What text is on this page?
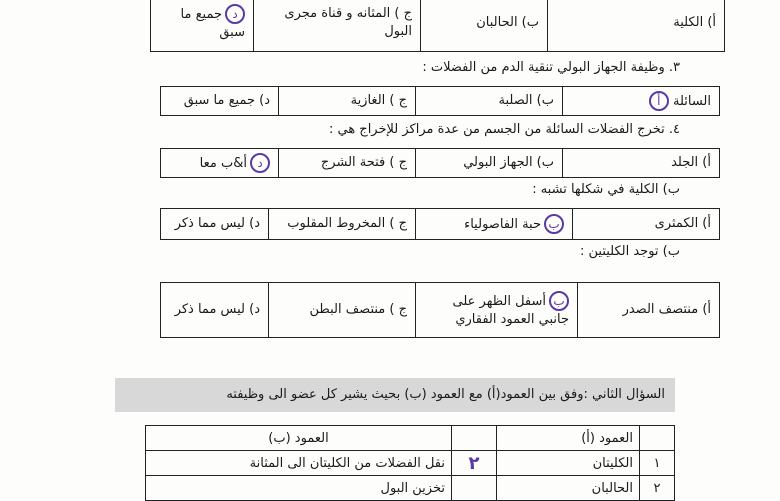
أ) الكلية	ب) الحالبان	ج ) المثانه و قناة مجرى البول	دجميع ما سبق
٣. وظيفة الجهاز البولي تنقية الدم من الفضلات :
السائلة أ	ب) الصلبة	ج ) الغازية	د) جميع ما سبق
٤. تخرج الفضلات السائلة من الجسم من عدة مراكز للإخراج هي :
أ) الجلد	ب) الجهاز البولي	ج ) فتحة الشرج	دأ&ب معا
ب) الكلية في شكلها تشبه :
أ) الكمثرى	بحبة الفاصولياء	ج ) المخروط المقلوب	د) ليس مما ذكر
ب) توجد الكليتين :
أ) منتصف الصدر	بأسفل الظهر على جانبي العمود الفقاري	ج ) منتصف البطن	د) ليس مما ذكر
السؤال الثاني :وفق بين العمود(أ) مع العمود (ب) بحيث يشير كل عضو الى وظيفته
	العمود (أ)		العمود (ب)
١	الكليتان	٢	نقل الفضلات من الكليتان الى المثانة
٢	الحالبان		تخزين البول
